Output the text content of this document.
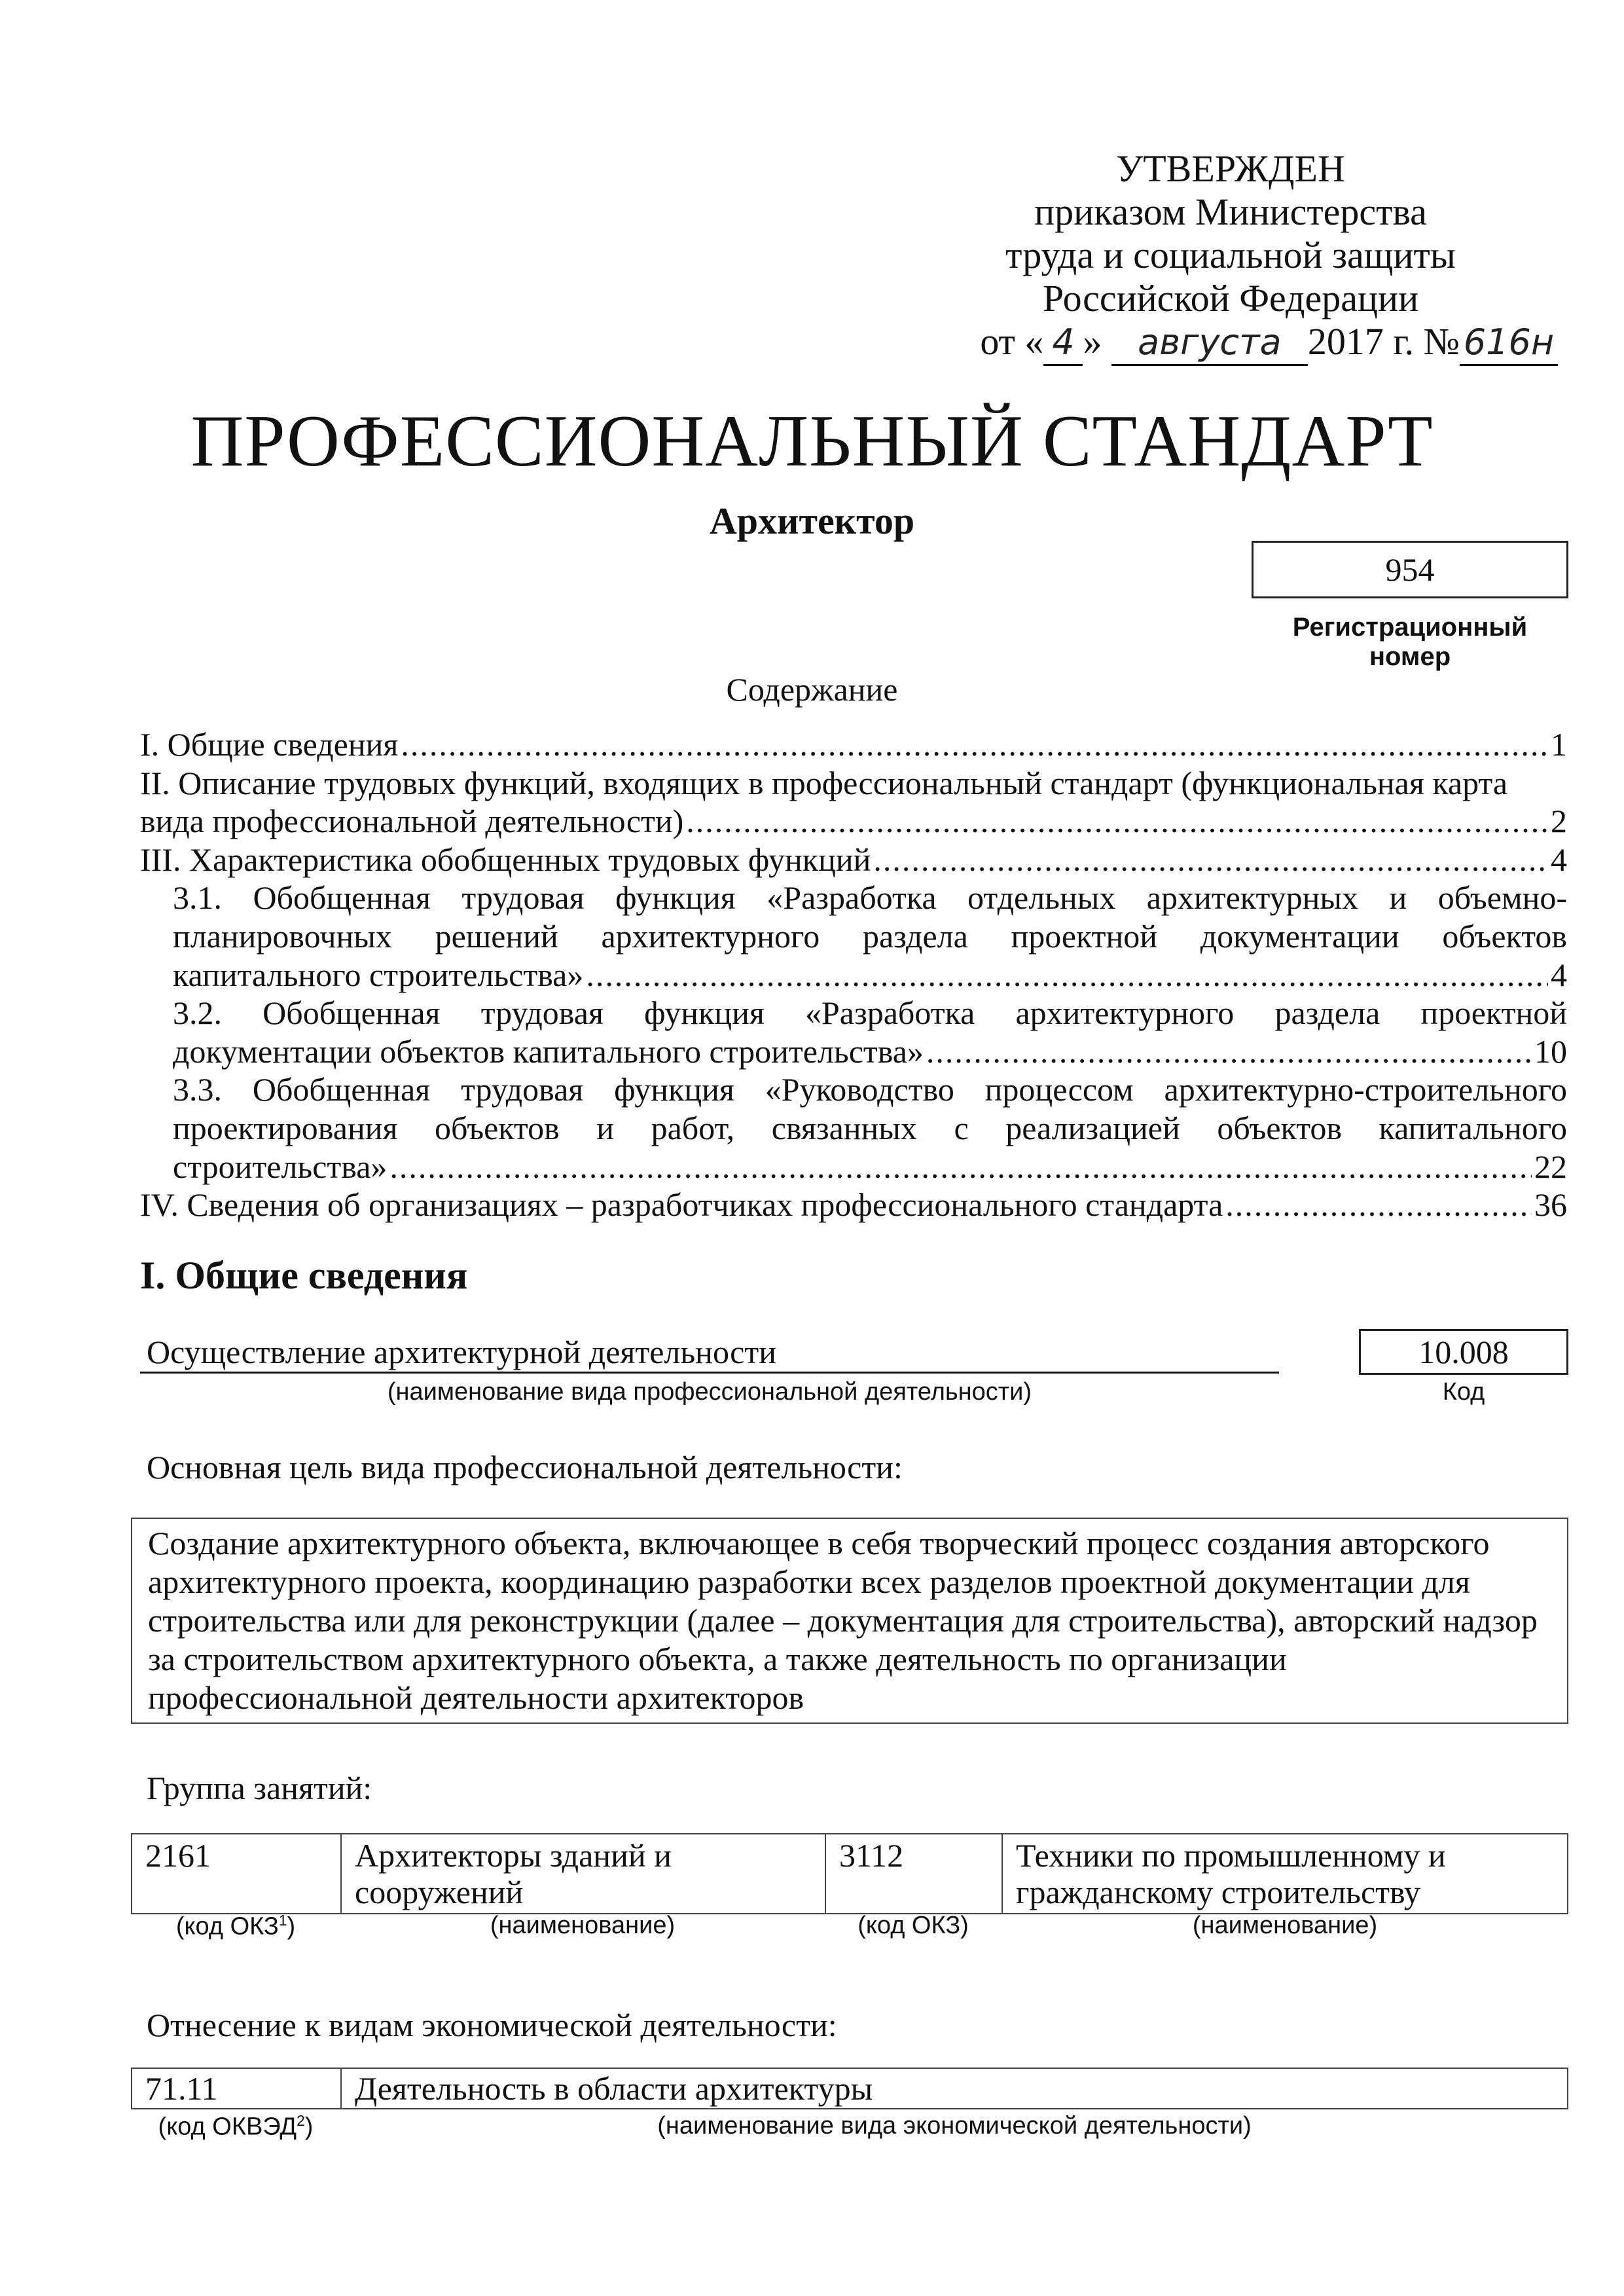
УТВЕРЖДЕН
приказом Министерства
труда и социальной защиты
Российской Федерации
от « 4 » августа 2017 г. № 616н
ПРОФЕССИОНАЛЬНЫЙ СТАНДАРТ
Архитектор
954
Регистрационный номер
Содержание
I. Общие сведения .....	1
II. Описание трудовых функций, входящих в профессиональный стандарт (функциональная карта
вида профессиональной деятельности) .....	2
III. Характеристика обобщенных трудовых функций .....	4
3.1. Обобщенная трудовая функция «Разработка отдельных архитектурных и объемно-планировочных решений архитектурного раздела проектной документации объектов
капитального строительства» .....	4
3.2. Обобщенная трудовая функция «Разработка архитектурного раздела проектной
документации объектов капитального строительства» .....	10
3.3. Обобщенная трудовая функция «Руководство процессом архитектурно-строительного проектирования объектов и работ, связанных с реализацией объектов капитального
строительства» .....	22
IV. Сведения об организациях – разработчиках профессионального стандарта .....	36
I. Общие сведения
Осуществление архитектурной деятельности
(наименование вида профессиональной деятельности)
10.008
Код
Основная цель вида профессиональной деятельности:
Создание архитектурного объекта, включающее в себя творческий процесс создания авторского архитектурного проекта, координацию разработки всех разделов проектной документации для строительства или для реконструкции (далее – документация для строительства), авторский надзор за строительством архитектурного объекта, а также деятельность по организации профессиональной деятельности архитекторов
Группа занятий:
2161	Архитекторы зданий и сооружений	3112	Техники по промышленному и гражданскому строительству
(код ОКЗ$^1$)	(наименование)	(код ОКЗ)	(наименование)
Отнесение к видам экономической деятельности:
71.11	Деятельность в области архитектуры
(код ОКВЭД$^2$)	(наименование вида экономической деятельности)
